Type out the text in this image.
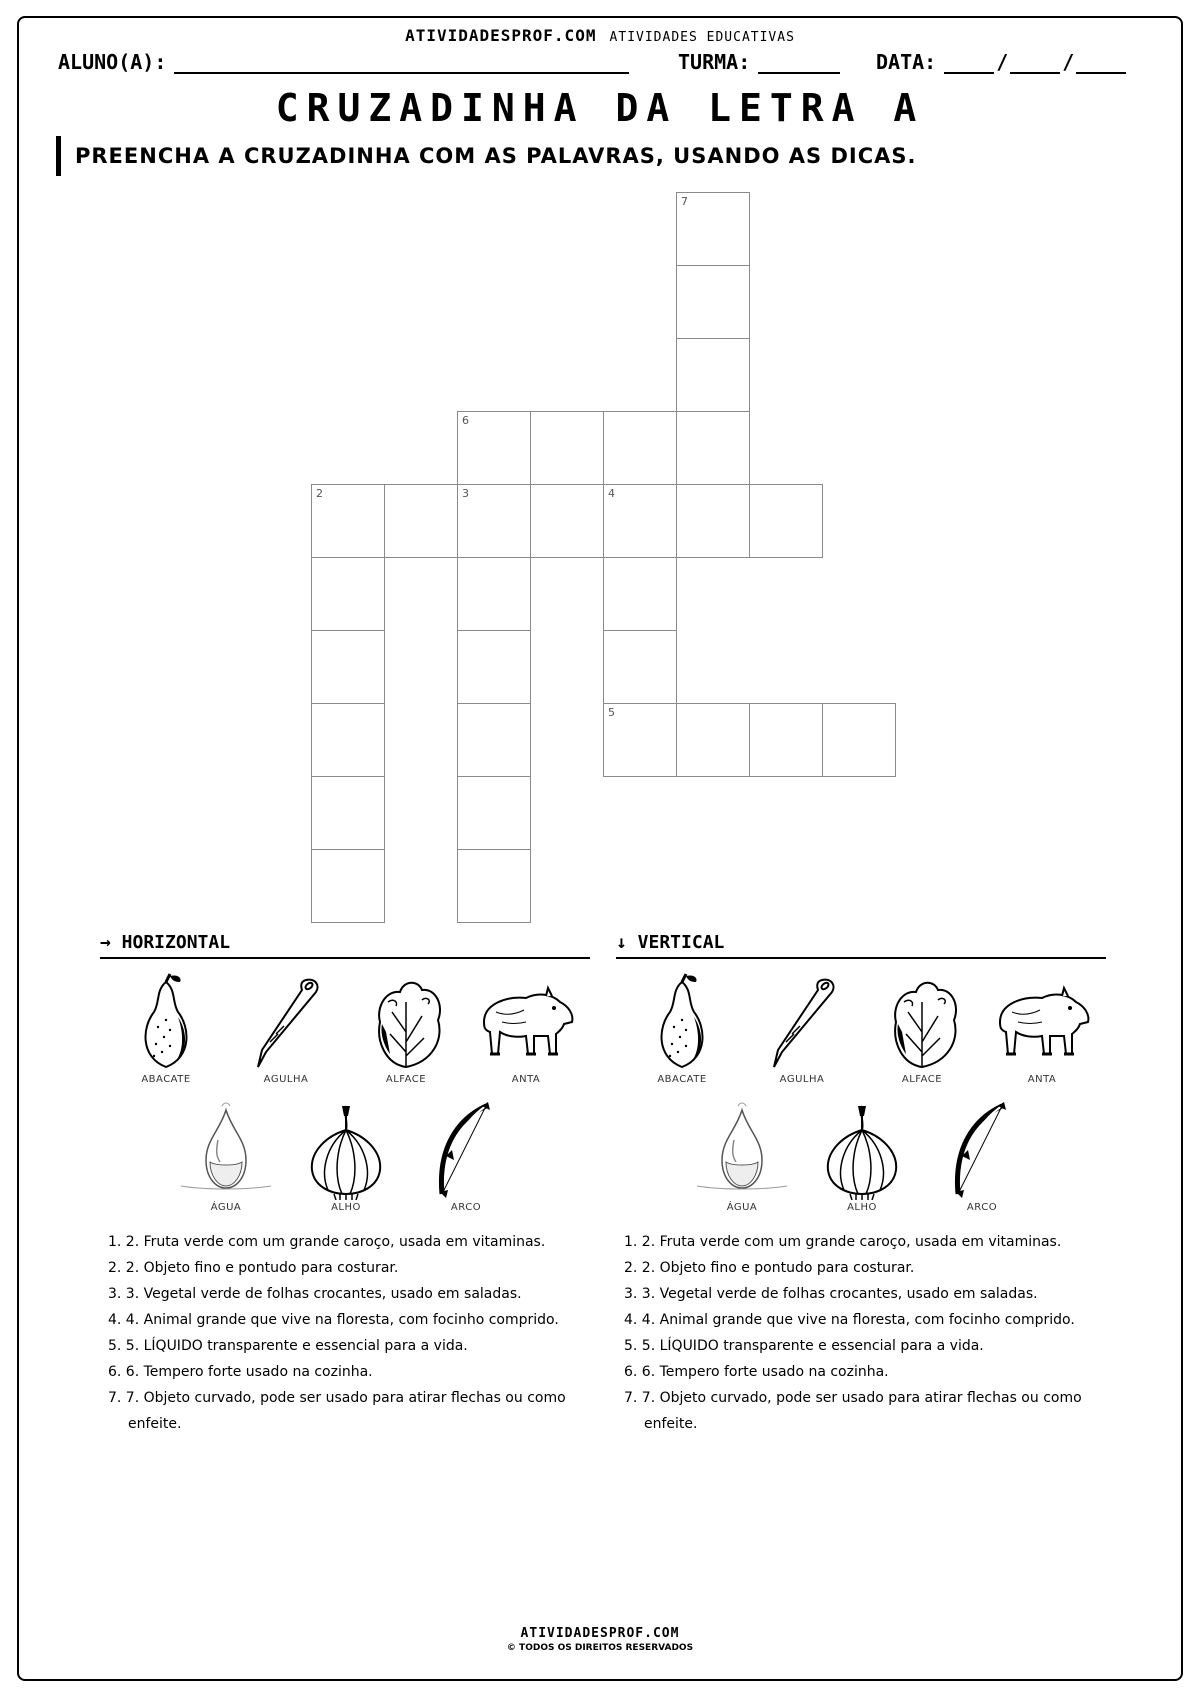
ATIVIDADESPROF.COM ATIVIDADES EDUCATIVAS
ALUNO(A):	TURMA:	DATA:	/	/
CRUZADINHA DA LETRA A
PREENCHA A CRUZADINHA COM AS PALAVRAS, USANDO AS DICAS.
7
6
2	3	4
5
→ HORIZONTAL
ABACATE	AGULHA	ALFACE	ANTA
ÁGUA	ALHO	ARCO
1. 2. Fruta verde com um grande caroço, usada em vitaminas.
2. 2. Objeto fino e pontudo para costurar.
3. 3. Vegetal verde de folhas crocantes, usado em saladas.
4. 4. Animal grande que vive na floresta, com focinho comprido.
5. 5. LÍQUIDO transparente e essencial para a vida.
6. 6. Tempero forte usado na cozinha.
7. 7. Objeto curvado, pode ser usado para atirar flechas ou como enfeite.
↓ VERTICAL
ABACATE	AGULHA	ALFACE	ANTA
ÁGUA	ALHO	ARCO
1. 2. Fruta verde com um grande caroço, usada em vitaminas.
2. 2. Objeto fino e pontudo para costurar.
3. 3. Vegetal verde de folhas crocantes, usado em saladas.
4. 4. Animal grande que vive na floresta, com focinho comprido.
5. 5. LÍQUIDO transparente e essencial para a vida.
6. 6. Tempero forte usado na cozinha.
7. 7. Objeto curvado, pode ser usado para atirar flechas ou como enfeite.
ATIVIDADESPROF.COM
© TODOS OS DIREITOS RESERVADOS
